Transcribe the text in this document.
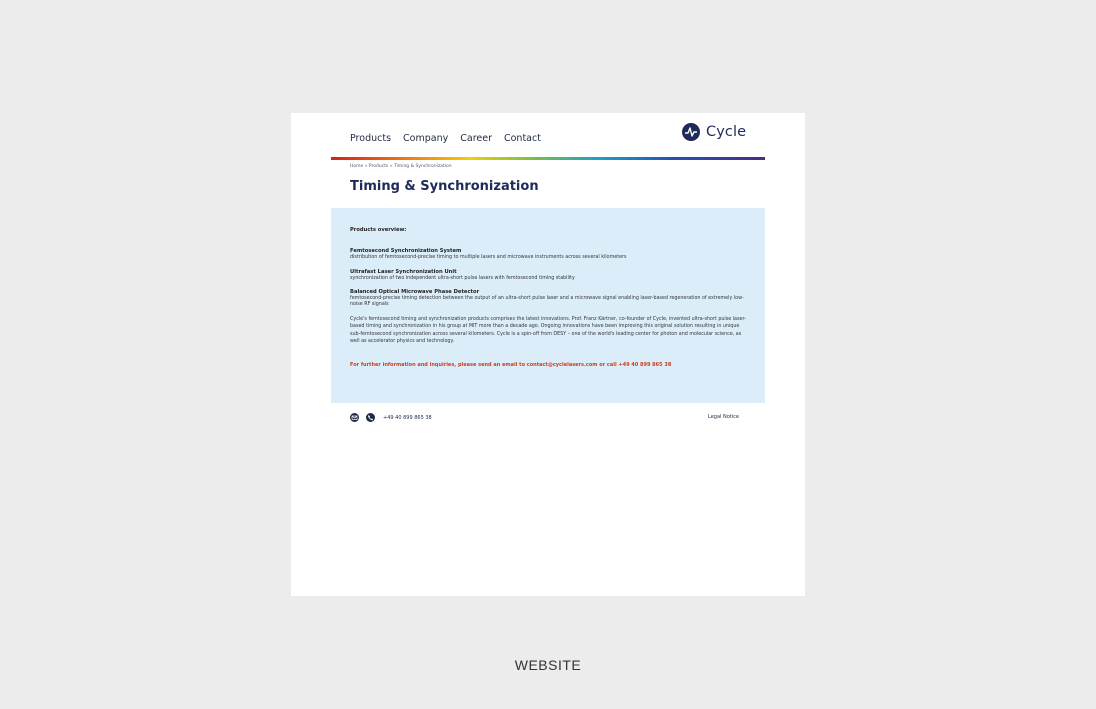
Products Company Career Contact	Cycle
Home » Products » Timing & Synchronization
Timing & Synchronization
Products overview:
Femtosecond Synchronization System
distribution of femtosecond-precise timing to multiple lasers and microwave instruments across several kilometers
Ultrafast Laser Synchronization Unit
synchronization of two independent ultra-short pulse lasers with femtosecond timing stability
Balanced Optical Microwave Phase Detector
femtosecond-precise timing detection between the output of an ultra-short pulse laser and a microwave signal enabling laser-based regeneration of extremely low-noise RF signals
Cycle's femtosecond timing and synchronization products comprises the latest innovations. Prof. Franz Kärtner, co-founder of Cycle, invented ultra-short pulse laser-based timing and synchronization in his group at MIT more than a decade ago. Ongoing innovations have been improving this original solution resulting in unique sub-femtosecond synchronization across several kilometers. Cycle is a spin-off from DESY – one of the world's leading center for photon and molecular science, as well as accelerator physics and technology.
For further information and inquiries, please send an email to contact@cyclelasers.com or call +49 40 899 865 38
+49 40 899 865 38	Legal Notice
WEBSITE
